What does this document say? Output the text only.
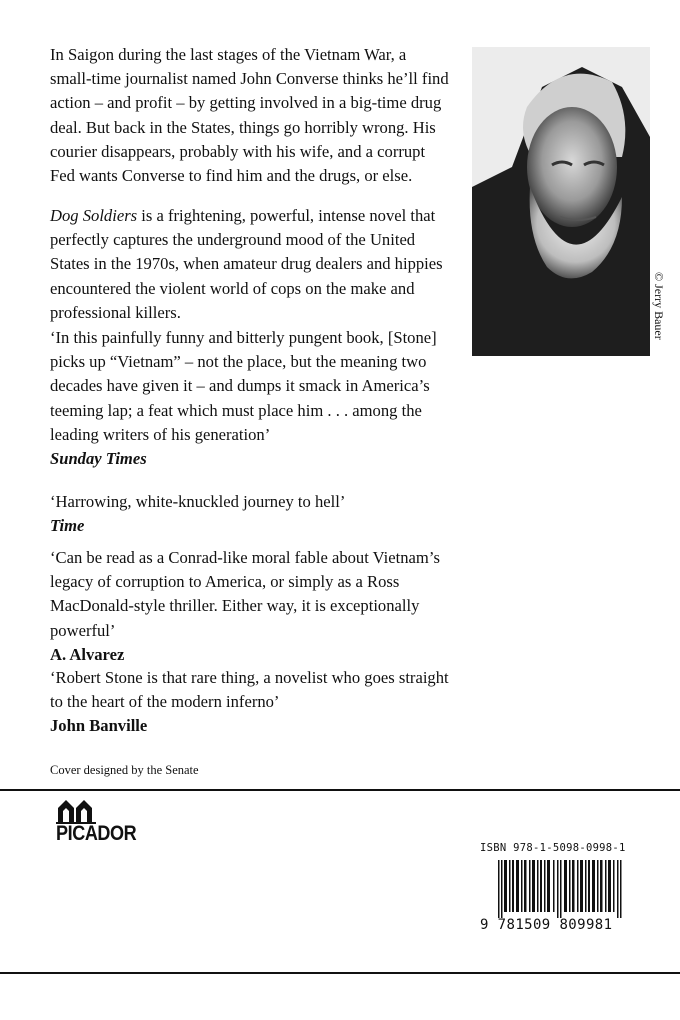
In Saigon during the last stages of the Vietnam War, a small-time journalist named John Converse thinks he’ll find action – and profit – by getting involved in a big-time drug deal. But back in the States, things go horribly wrong. His courier disappears, probably with his wife, and a corrupt Fed wants Converse to find him and the drugs, or else.

Dog Soldiers is a frightening, powerful, intense novel that perfectly captures the underground mood of the United States in the 1970s, when amateur drug dealers and hippies encountered the violent world of cops on the make and professional killers.

‘In this painfully funny and bitterly pungent book, [Stone] picks up “Vietnam” – not the place, but the meaning two decades have given it – and dumps it smack in America’s teeming lap; a feat which must place him . . . among the leading writers of his generation’

Sunday Times

‘Harrowing, white-knuckled journey to hell’

Time

‘Can be read as a Conrad-like moral fable about Vietnam’s legacy of corruption to America, or simply as a Ross MacDonald-style thriller. Either way, it is exceptionally powerful’

A. Alvarez

‘Robert Stone is that rare thing, a novelist who goes straight to the heart of the modern inferno’

John Banville

© Jerry Bauer
Cover designed by the Senate
PICADOR
ISBN 978-1-5098-0998-1
9 781509 809981
